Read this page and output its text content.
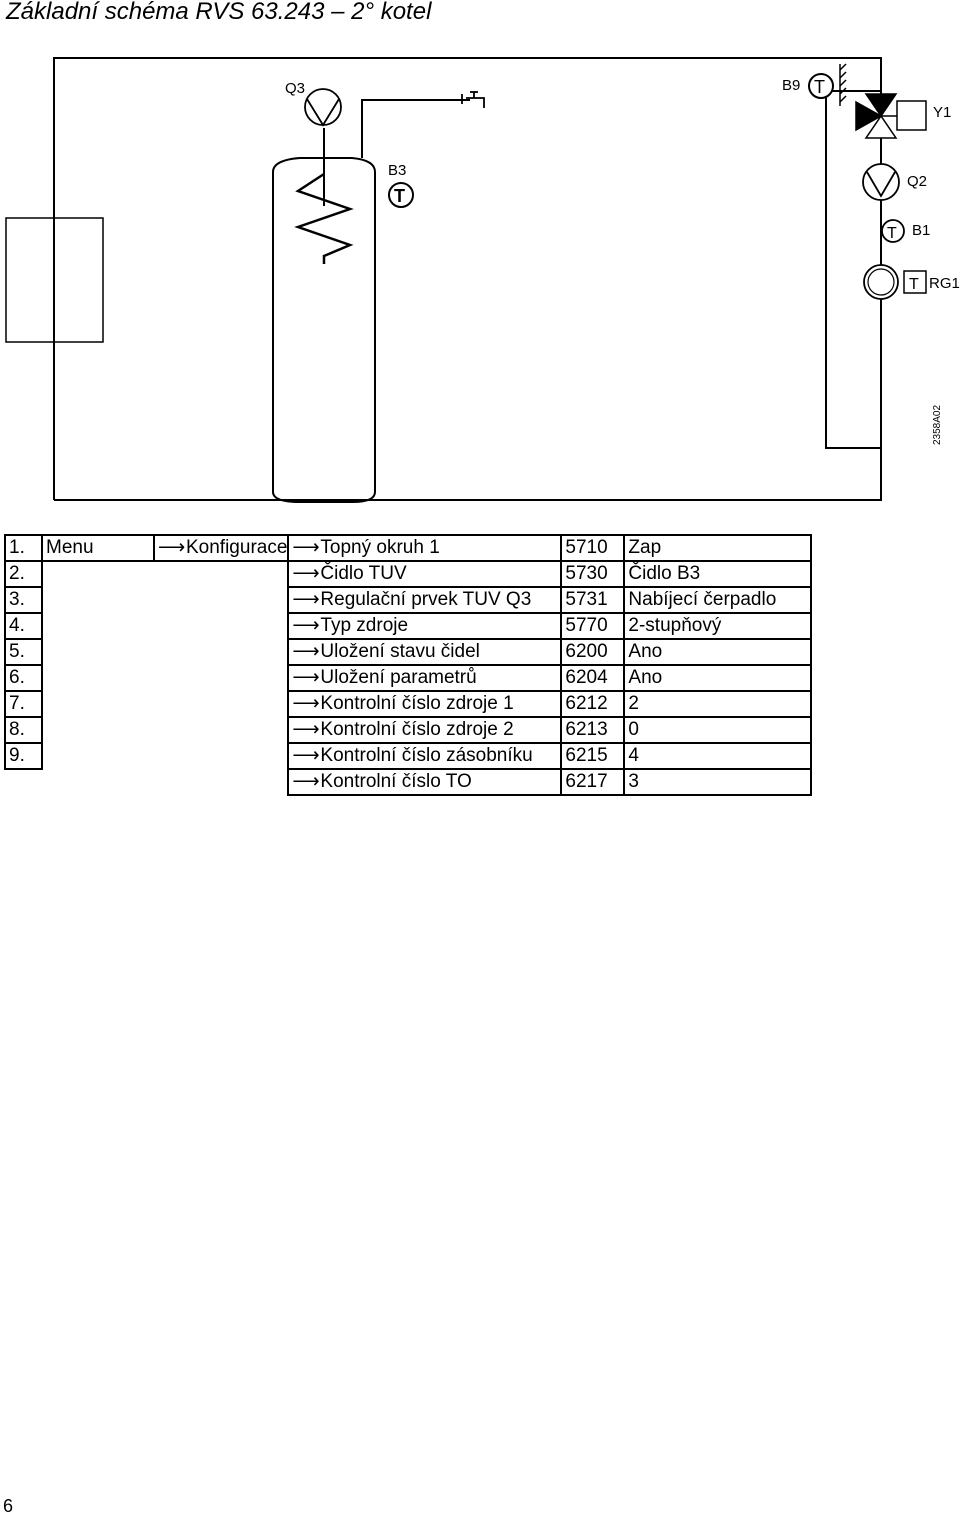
Základní schéma RVS 63.243 – 2° kotel
Q3
T
B3
T
B9
Y1
Q2
T B1
T RG1
2358A02
1.	Menu	⟶Konfigurace	⟶Topný okruh 1	5710	Zap
2.			⟶Čidlo TUV	5730	Čidlo B3
3.			⟶Regulační prvek TUV Q3	5731	Nabíjecí čerpadlo
4.			⟶Typ zdroje	5770	2-stupňový
5.			⟶Uložení stavu čidel	6200	Ano
6.			⟶Uložení parametrů	6204	Ano
7.			⟶Kontrolní číslo zdroje 1	6212	2
8.			⟶Kontrolní číslo zdroje 2	6213	0
9.			⟶Kontrolní číslo zásobníku	6215	4
			⟶Kontrolní číslo TO	6217	3
6
